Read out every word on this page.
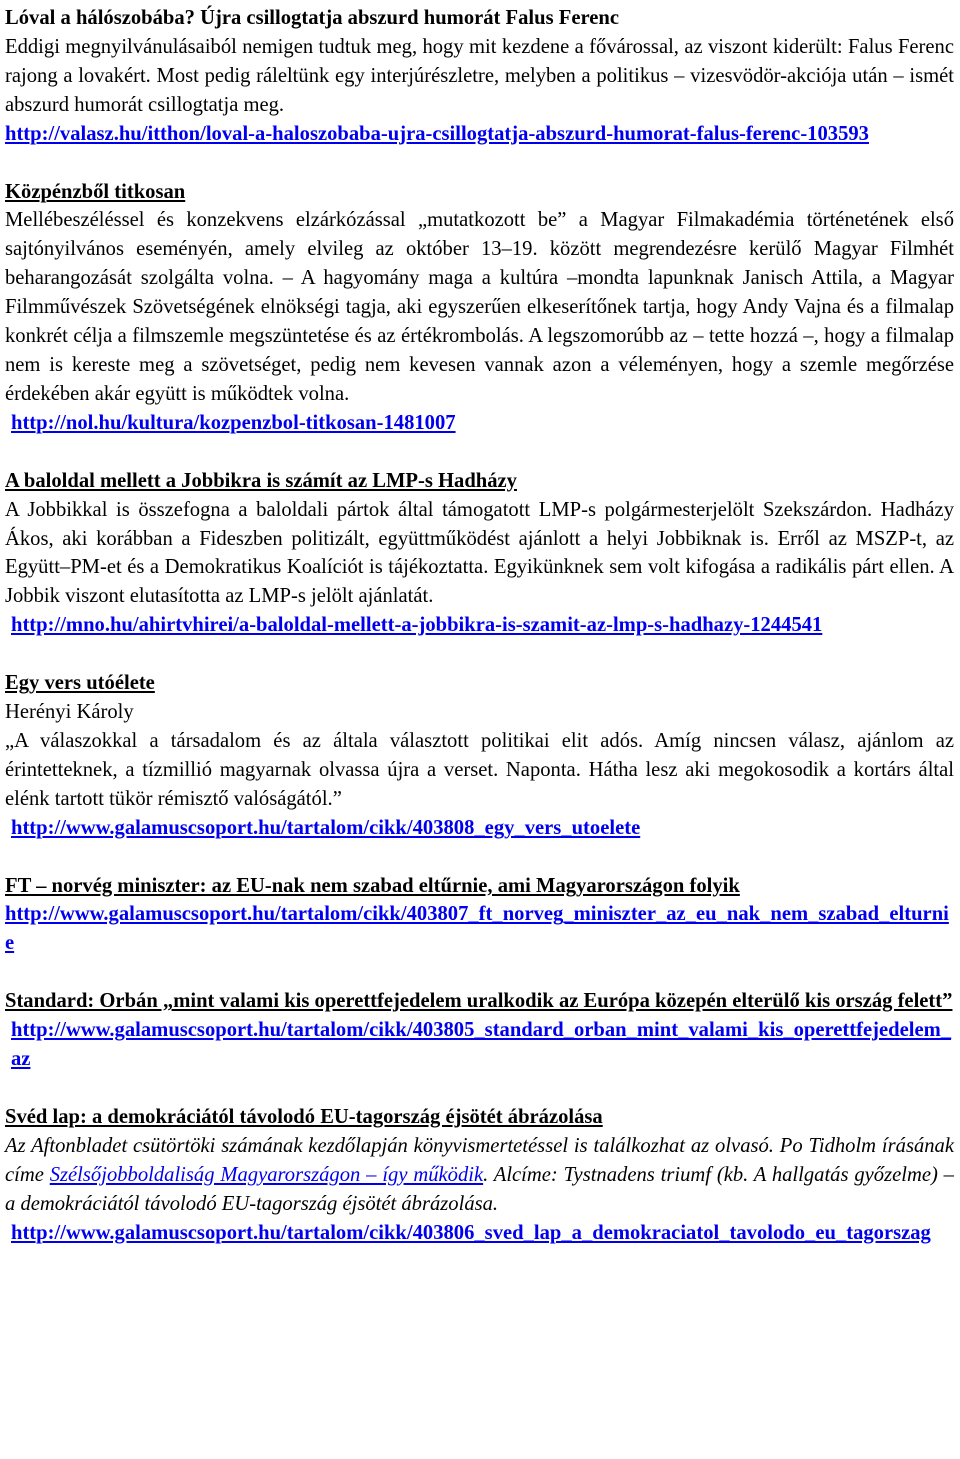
Lóval a hálószobába? Újra csillogtatja abszurd humorát Falus Ferenc

Eddigi megnyilvánulásaiból nemigen tudtuk meg, hogy mit kezdene a fővárossal, az viszont kiderült: Falus Ferenc rajong a lovakért. Most pedig ráleltünk egy interjúrészletre, melyben a politikus – vizesvödör-akciója után – ismét abszurd humorát csillogtatja meg.

http://valasz.hu/itthon/loval-a-haloszobaba-ujra-csillogtatja-abszurd-humorat-falus-ferenc-103593

Közpénzből titkosan

Mellébeszéléssel és konzekvens elzárkózással „mutatkozott be” a Magyar Filmakadémia történetének első sajtónyilvános eseményén, amely elvileg az október 13–19. között megrendezésre kerülő Magyar Filmhét beharangozását szolgálta volna. – A hagyomány maga a kultúra –mondta lapunknak Janisch Attila, a Magyar Filmművészek Szövetségének elnökségi tagja, aki egyszerűen elkeserítőnek tartja, hogy Andy Vajna és a filmalap konkrét célja a filmszemle megszüntetése és az értékrombolás. A legszomorúbb az – tette hozzá –, hogy a filmalap nem is kereste meg a szövetséget, pedig nem kevesen vannak azon a véleményen, hogy a szemle megőrzése érdekében akár együtt is működtek volna.

http://nol.hu/kultura/kozpenzbol-titkosan-1481007

A baloldal mellett a Jobbikra is számít az LMP-s Hadházy

A Jobbikkal is összefogna a baloldali pártok által támogatott LMP-s polgármesterjelölt Szekszárdon. Hadházy Ákos, aki korábban a Fideszben politizált, együttműködést ajánlott a helyi Jobbiknak is. Erről az MSZP-t, az Együtt–PM-et és a Demokratikus Koalíciót is tájékoztatta. Egyikünknek sem volt kifogása a radikális párt ellen. A Jobbik viszont elutasította az LMP-s jelölt ajánlatát.

http://mno.hu/ahirtvhirei/a-baloldal-mellett-a-jobbikra-is-szamit-az-lmp-s-hadhazy-1244541

Egy vers utóélete

Herényi Károly

„A válaszokkal a társadalom és az általa választott politikai elit adós. Amíg nincsen válasz, ajánlom az érintetteknek, a tízmillió magyarnak olvassa újra a verset. Naponta. Hátha lesz aki megokosodik a kortárs által elénk tartott tükör rémisztő valóságától.”

http://www.galamuscsoport.hu/tartalom/cikk/403808_egy_vers_utoelete

FT – norvég miniszter: az EU-nak nem szabad eltűrnie, ami Magyarországon folyik

http://www.galamuscsoport.hu/tartalom/cikk/403807_ft_norveg_miniszter_az_eu_nak_nem_szabad_elturnie

Standard: Orbán „mint valami kis operettfejedelem uralkodik az Európa közepén elterülő kis ország felett”

http://www.galamuscsoport.hu/tartalom/cikk/403805_standard_orban_mint_valami_kis_operettfejedelem_az

Svéd lap: a demokráciától távolodó EU-tagország éjsötét ábrázolása

Az Aftonbladet csütörtöki számának kezdőlapján könyvismertetéssel is találkozhat az olvasó. Po Tidholm írásának címe Szélsőjobboldaliság Magyarországon – így működik. Alcíme: Tystnadens triumf (kb. A hallgatás győzelme) – a demokráciától távolodó EU-tagország éjsötét ábrázolása.

http://www.galamuscsoport.hu/tartalom/cikk/403806_sved_lap_a_demokraciatol_tavolodo_eu_tagorszag
